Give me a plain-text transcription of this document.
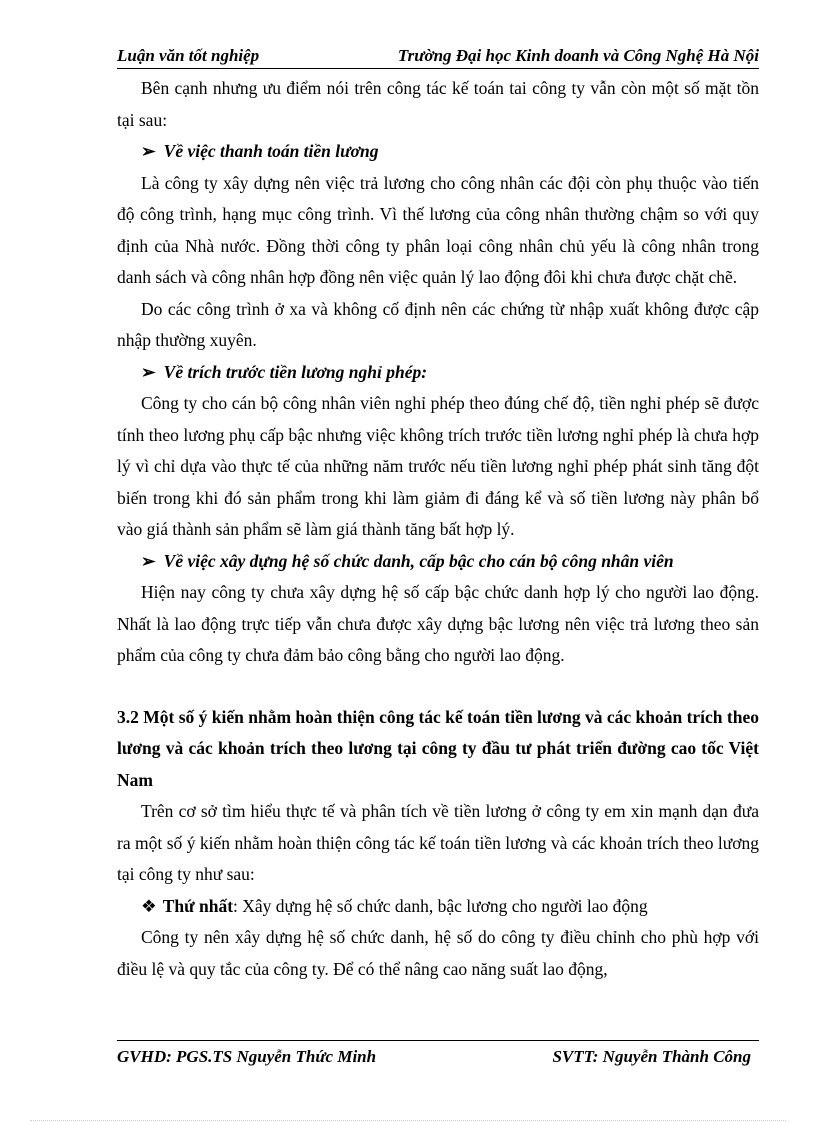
Luận văn tốt nghiệp	Trường Đại học Kinh doanh và Công Nghệ Hà Nội

Bên cạnh nhưng ưu điểm nói trên công tác kế toán tai công ty vẫn còn một số mặt tồn tại sau:

➢ Về việc thanh toán tiền lương

Là công ty xây dựng nên việc trả lương cho công nhân các đội còn phụ thuộc vào tiến độ công trình, hạng mục công trình. Vì thế lương của công nhân thường chậm so với quy định của Nhà nước. Đồng thời công ty phân loại công nhân chủ yếu là công nhân trong danh sách và công nhân hợp đồng nên việc quản lý lao động đôi khi chưa được chặt chẽ.

Do các công trình ở xa và không cố định nên các chứng từ nhập xuất không được cập nhập thường xuyên.

➢ Về trích trước tiền lương nghỉ phép:

Công ty cho cán bộ công nhân viên nghỉ phép theo đúng chế độ, tiền nghỉ phép sẽ được tính theo lương phụ cấp bậc nhưng việc không trích trước tiền lương nghỉ phép là chưa hợp lý vì chỉ dựa vào thực tế của những năm trước nếu tiền lương nghỉ phép phát sinh tăng đột biến trong khi đó sản phẩm trong khi làm giảm đi đáng kể và số tiền lương này phân bổ vào giá thành sản phẩm sẽ làm giá thành tăng bất hợp lý.

➢ Về việc xây dựng hệ số chức danh, cấp bậc cho cán bộ công nhân viên

Hiện nay công ty chưa xây dựng hệ số cấp bậc chức danh hợp lý cho người lao động. Nhất là lao động trực tiếp vẫn chưa được xây dựng bậc lương nên việc trả lương theo sản phẩm của công ty chưa đảm bảo công bằng cho người lao động.

3.2 Một số ý kiến nhằm hoàn thiện công tác kế toán tiền lương và các khoản trích theo lương và các khoản trích theo lương tại công ty đầu tư phát triển đường cao tốc Việt Nam

Trên cơ sở tìm hiểu thực tế và phân tích về tiền lương ở công ty em xin mạnh dạn đưa ra một số ý kiến nhằm hoàn thiện công tác kế toán tiền lương và các khoản trích theo lương tại công ty như sau:

❖ Thứ nhất: Xây dựng hệ số chức danh, bậc lương cho người lao động

Công ty nên xây dựng hệ số chức danh, hệ số do công ty điều chỉnh cho phù hợp với điều lệ và quy tắc của công ty. Để có thể nâng cao năng suất lao động,

GVHD: PGS.TS Nguyễn Thức Minh	SVTT: Nguyễn Thành Công
